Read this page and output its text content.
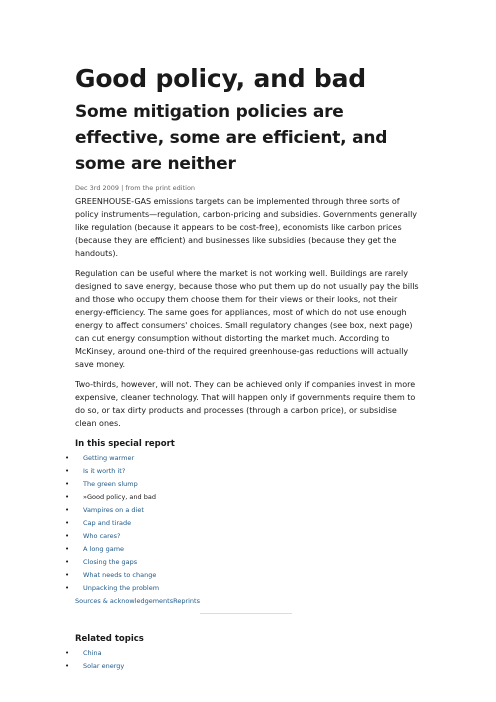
Good policy, and bad
Some mitigation policies are effective, some are efficient, and some are neither
Dec 3rd 2009 | from the print edition

GREENHOUSE-GAS emissions targets can be implemented through three sorts of policy instruments—regulation, carbon-pricing and subsidies. Governments generally like regulation (because it appears to be cost-free), economists like carbon prices (because they are efficient) and businesses like subsidies (because they get the handouts).

Regulation can be useful where the market is not working well. Buildings are rarely designed to save energy, because those who put them up do not usually pay the bills and those who occupy them choose them for their views or their looks, not their energy-efficiency. The same goes for appliances, most of which do not use enough energy to affect consumers' choices. Small regulatory changes (see box, next page) can cut energy consumption without distorting the market much. According to McKinsey, around one-third of the required greenhouse-gas reductions will actually save money.

Two-thirds, however, will not. They can be achieved only if companies invest in more expensive, cleaner technology. That will happen only if governments require them to do so, or tax dirty products and processes (through a carbon price), or subsidise clean ones.

In this special report
• Getting warmer
• Is it worth it?
• The green slump
• »Good policy, and bad
• Vampires on a diet
• Cap and tirade
• Who cares?
• A long game
• Closing the gaps
• What needs to change
• Unpacking the problem
Sources & acknowledgementsReprints
Related topics
• China
• Solar energy
